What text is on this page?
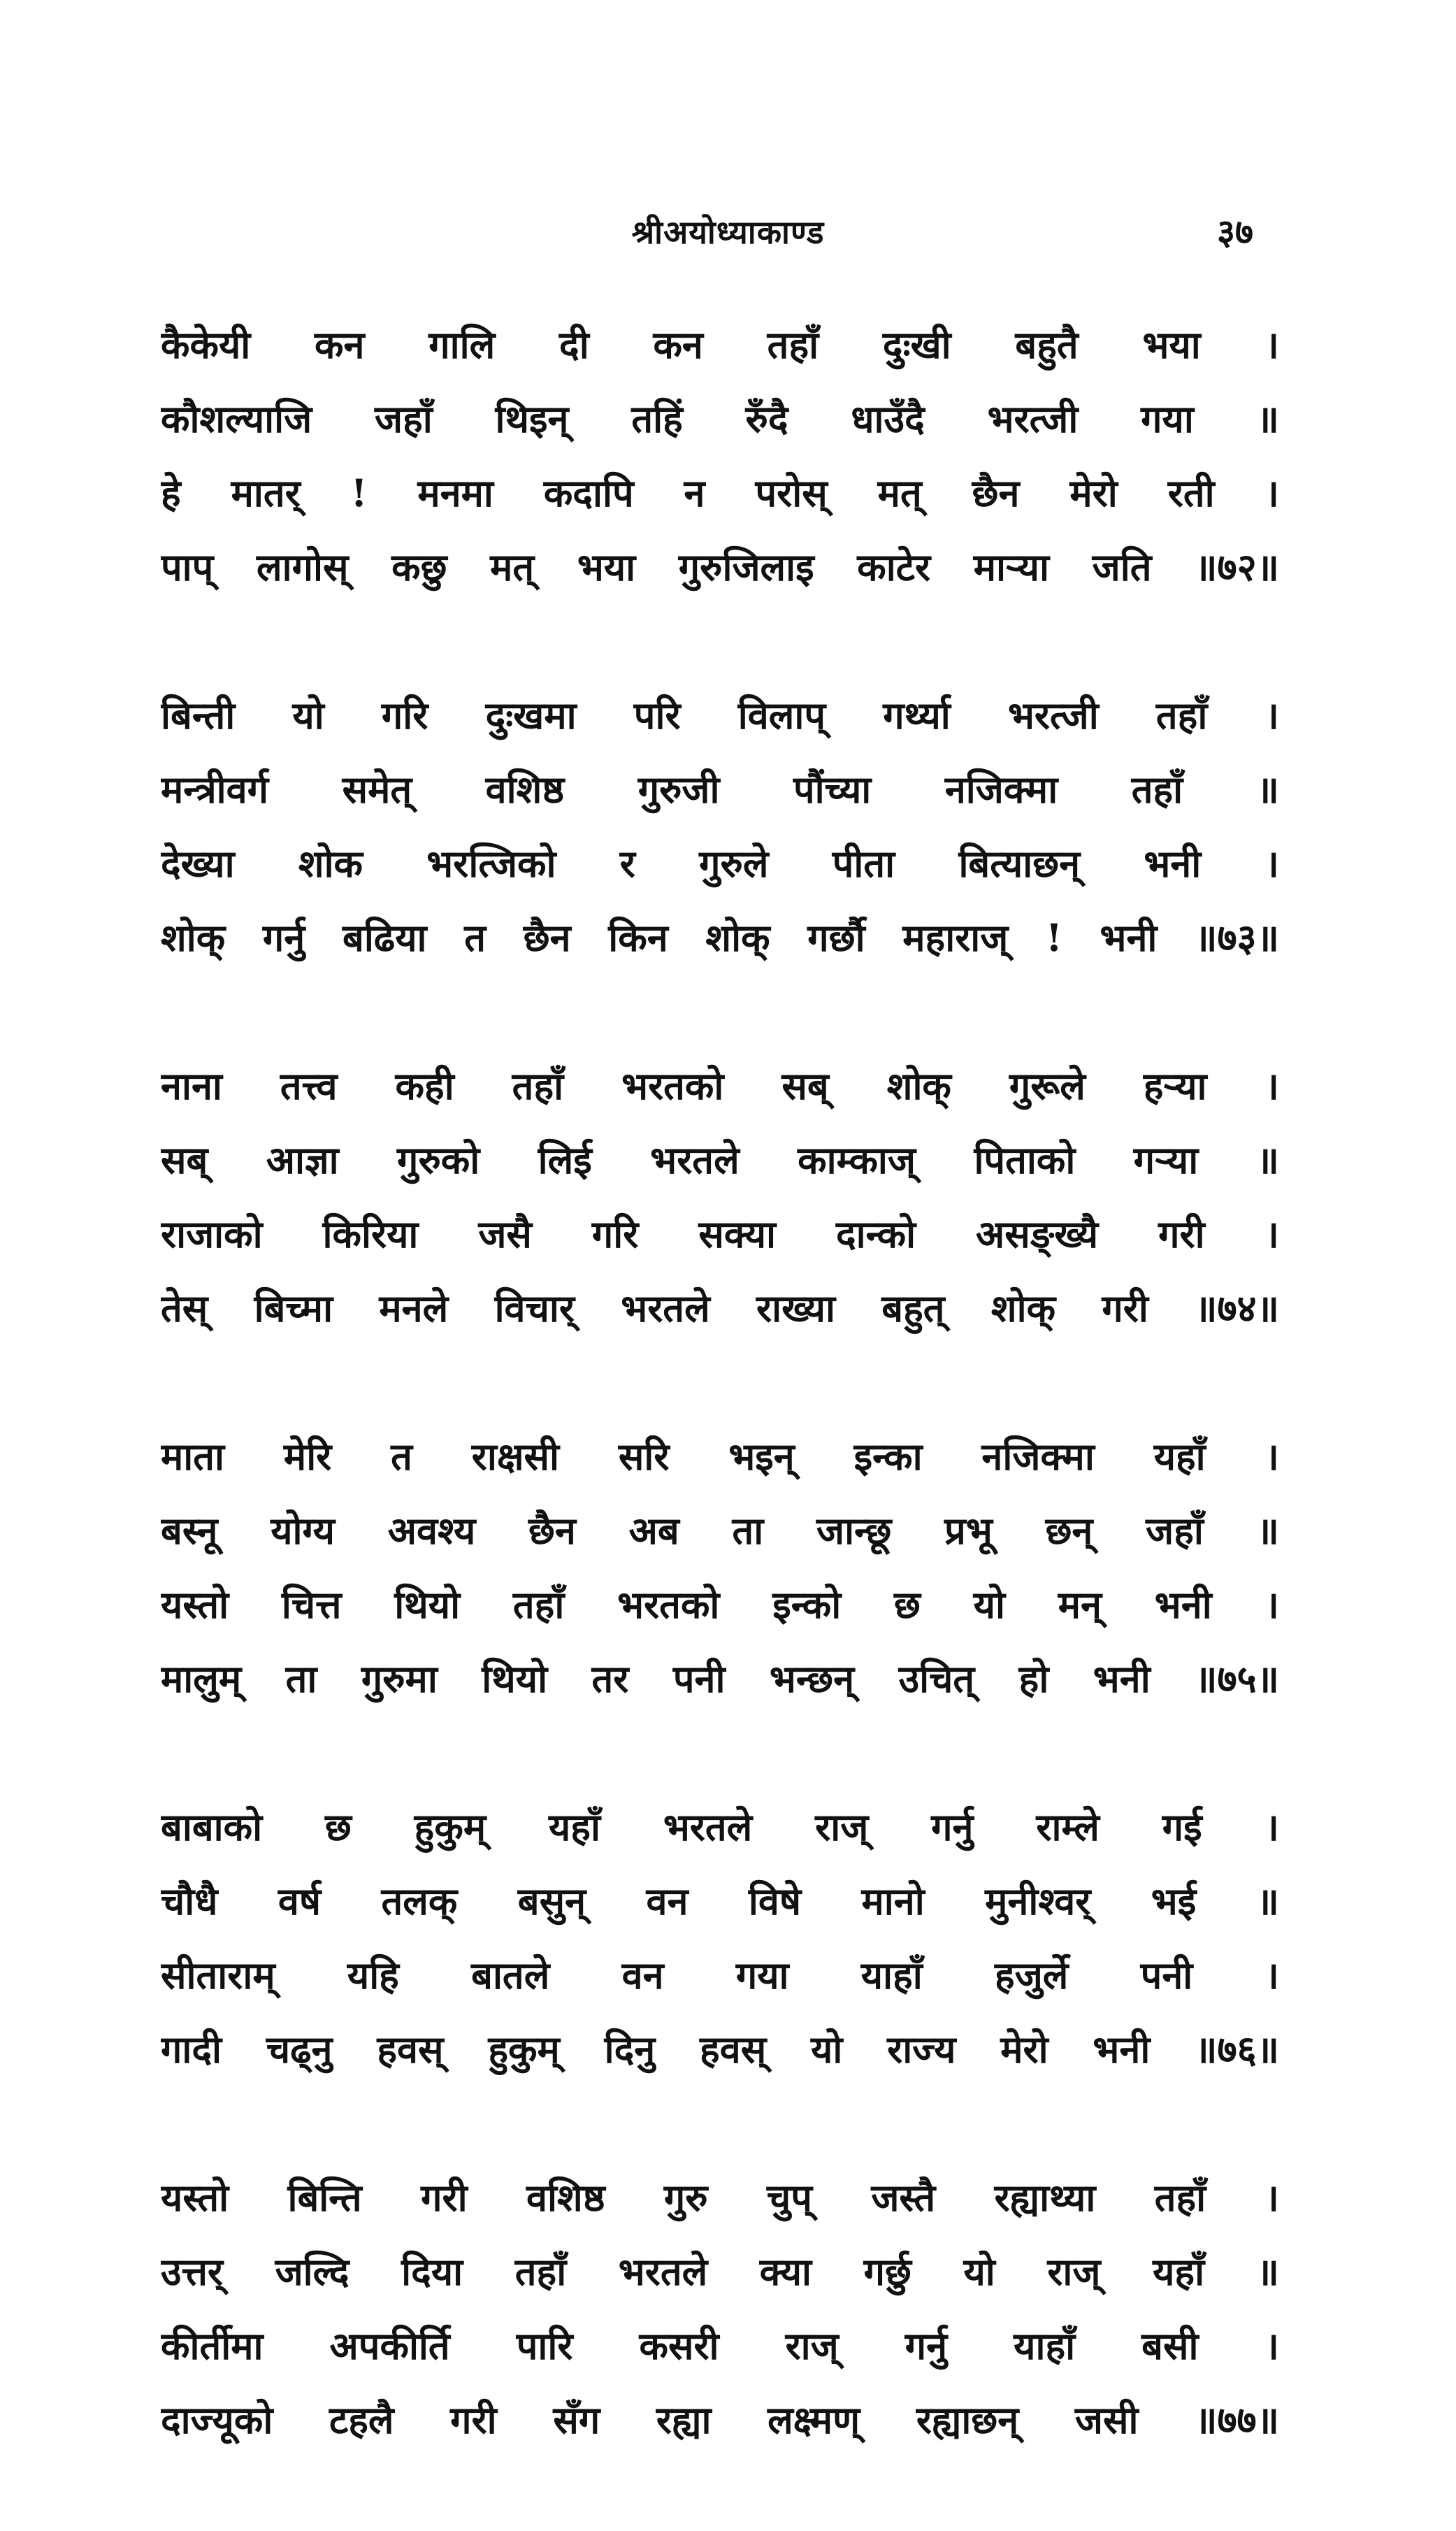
श्रीअयोध्याकाण्ड	३७
कैकेयी कन गालि दी कन तहाँ दुःखी बहुतै भया ।
कौशल्याजि जहाँ थिइन् तहिं रुँदै धाउँदै भरत्जी गया ॥
हे मातर् ! मनमा कदापि न परोस् मत् छैन मेरो रती ।
पाप् लागोस् कछु मत् भया गुरुजिलाइ काटेर माऱ्या जति ॥७२॥
बिन्ती यो गरि दुःखमा परि विलाप् गर्थ्या भरत्जी तहाँ ।
मन्त्रीवर्ग समेत् वशिष्ठ गुरुजी पौंच्या नजिक्मा तहाँ ॥
देख्या शोक भरत्जिको र गुरुले पीता बित्याछन् भनी ।
शोक् गर्नु बढिया त छैन किन शोक् गर्छौ महाराज् ! भनी ॥७३॥
नाना तत्त्व कही तहाँ भरतको सब् शोक् गुरूले हऱ्या ।
सब् आज्ञा गुरुको लिई भरतले काम्काज् पिताको गऱ्या ॥
राजाको किरिया जसै गरि सक्या दान्को असङ्ख्यै गरी ।
तेस् बिच्मा मनले विचार् भरतले राख्या बहुत् शोक् गरी ॥७४॥
माता मेरि त राक्षसी सरि भइन् इन्का नजिक्मा यहाँ ।
बस्नू योग्य अवश्य छैन अब ता जान्छू प्रभू छन् जहाँ ॥
यस्तो चित्त थियो तहाँ भरतको इन्को छ यो मन् भनी ।
मालुम् ता गुरुमा थियो तर पनी भन्छन् उचित् हो भनी ॥७५॥
बाबाको छ हुकुम् यहाँ भरतले राज् गर्नु राम्ले गई ।
चौधै वर्ष तलक् बसुन् वन विषे मानो मुनीश्वर् भई ॥
सीताराम् यहि बातले वन गया याहाँ हजुर्ले पनी ।
गादी चढ्नु हवस् हुकुम् दिनु हवस् यो राज्य मेरो भनी ॥७६॥
यस्तो बिन्ति गरी वशिष्ठ गुरु चुप् जस्तै रह्याथ्या तहाँ ।
उत्तर् जल्दि दिया तहाँ भरतले क्या गर्छु यो राज् यहाँ ॥
कीर्तीमा अपकीर्ति पारि कसरी राज् गर्नु याहाँ बसी ।
दाज्यूको टहलै गरी सँग रह्या लक्ष्मण् रह्याछन् जसी ॥७७॥
